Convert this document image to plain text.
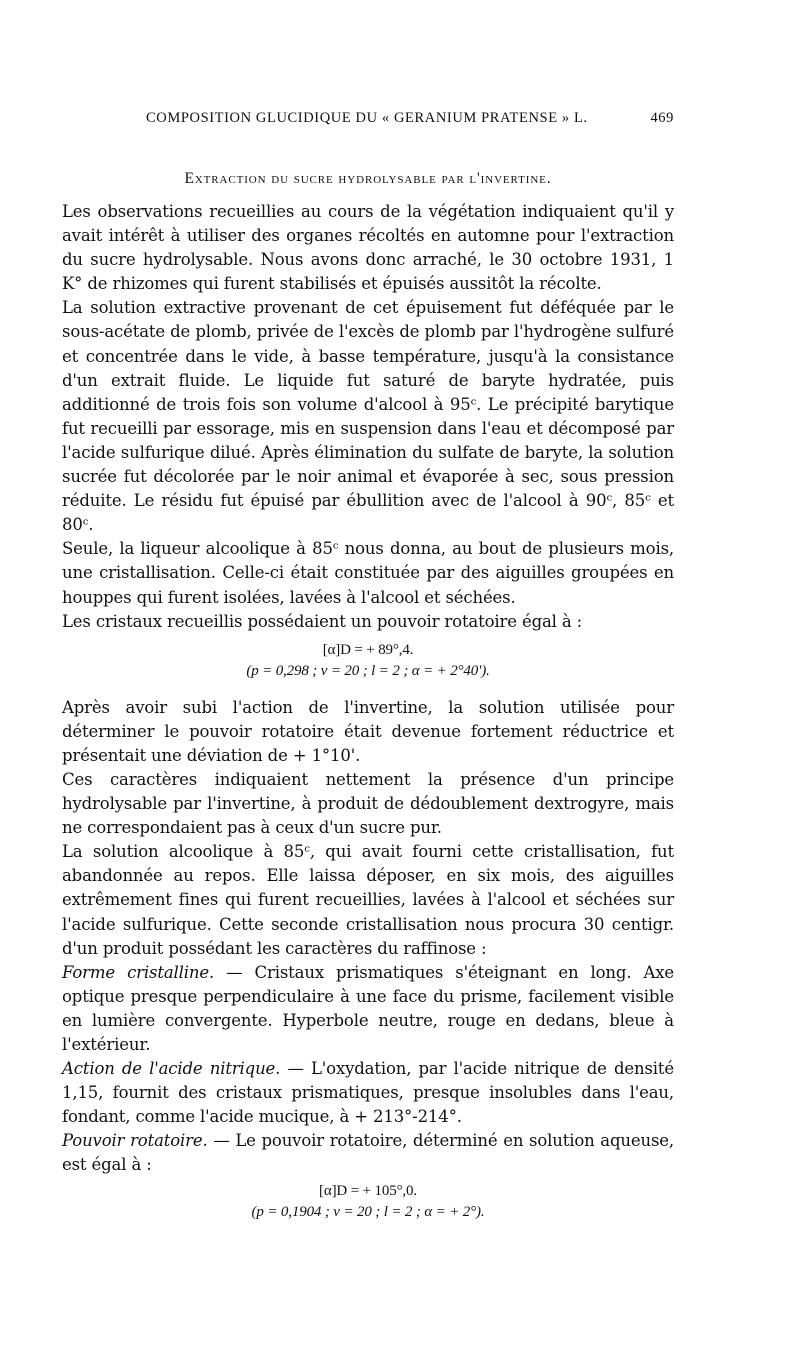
COMPOSITION GLUCIDIQUE DU « GERANIUM PRATENSE » L.	469
Extraction du sucre hydrolysable par l'invertine.

Les observations recueillies au cours de la végétation indiquaient qu'il y avait intérêt à utiliser des organes récoltés en automne pour l'extraction du sucre hydrolysable. Nous avons donc arraché, le 30 octobre 1931, 1 K° de rhizomes qui furent stabilisés et épuisés aussitôt la récolte.

La solution extractive provenant de cet épuisement fut déféquée par le sous-acétate de plomb, privée de l'excès de plomb par l'hydrogène sulfuré et concentrée dans le vide, à basse température, jusqu'à la consistance d'un extrait fluide. Le liquide fut saturé de baryte hydratée, puis additionné de trois fois son volume d'alcool à 95ᶜ. Le précipité barytique fut recueilli par essorage, mis en suspension dans l'eau et décomposé par l'acide sulfurique dilué. Après élimination du sulfate de baryte, la solution sucrée fut décolorée par le noir animal et évaporée à sec, sous pression réduite. Le résidu fut épuisé par ébullition avec de l'alcool à 90ᶜ, 85ᶜ et 80ᶜ.

Seule, la liqueur alcoolique à 85ᶜ nous donna, au bout de plusieurs mois, une cristallisation. Celle-ci était constituée par des aiguilles groupées en houppes qui furent isolées, lavées à l'alcool et séchées.

Les cristaux recueillis possédaient un pouvoir rotatoire égal à :

[α]D = + 89°,4.
(p = 0,298 ; v = 20 ; l = 2 ; α = + 2°40').

Après avoir subi l'action de l'invertine, la solution utilisée pour déterminer le pouvoir rotatoire était devenue fortement réductrice et présentait une déviation de + 1°10'.

Ces caractères indiquaient nettement la présence d'un principe hydrolysable par l'invertine, à produit de dédoublement dextrogyre, mais ne correspondaient pas à ceux d'un sucre pur.

La solution alcoolique à 85ᶜ, qui avait fourni cette cristallisation, fut abandonnée au repos. Elle laissa déposer, en six mois, des aiguilles extrêmement fines qui furent recueillies, lavées à l'alcool et séchées sur l'acide sulfurique. Cette seconde cristallisation nous procura 30 centigr. d'un produit possédant les caractères du raffinose :

Forme cristalline. — Cristaux prismatiques s'éteignant en long. Axe optique presque perpendiculaire à une face du prisme, facilement visible en lumière convergente. Hyperbole neutre, rouge en dedans, bleue à l'extérieur.

Action de l'acide nitrique. — L'oxydation, par l'acide nitrique de densité 1,15, fournit des cristaux prismatiques, presque insolubles dans l'eau, fondant, comme l'acide mucique, à + 213°-214°.

Pouvoir rotatoire. — Le pouvoir rotatoire, déterminé en solution aqueuse, est égal à :

[α]D = + 105°,0.
(p = 0,1904 ; v = 20 ; l = 2 ; α = + 2°).
